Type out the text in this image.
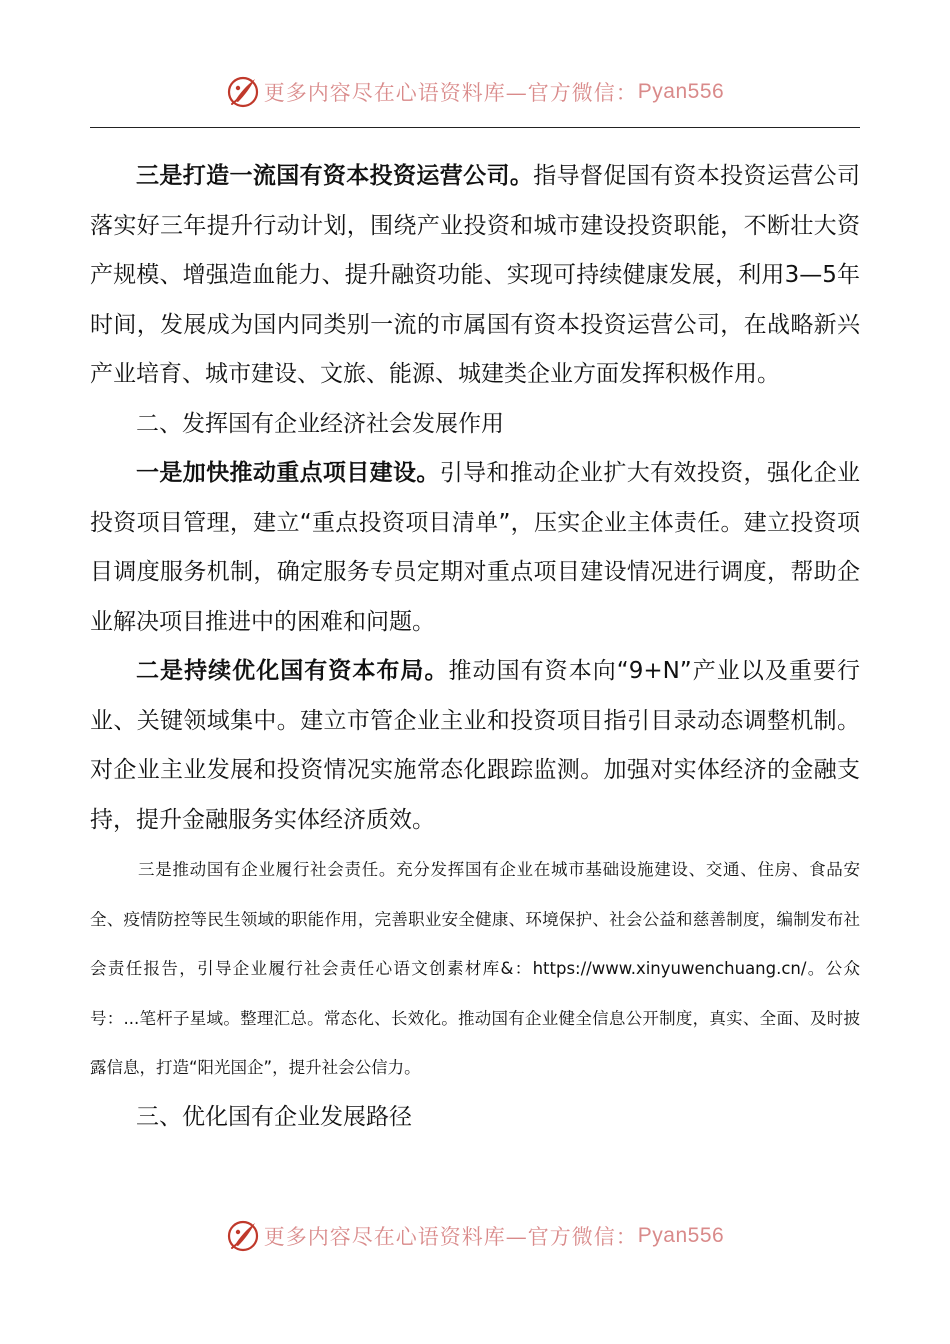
更多内容尽在心语资料库—官方微信： Pyan556

三是打造一流国有资本投资运营公司。指导督促国有资本投资运营公司落实好三年提升行动计划，围绕产业投资和城市建设投资职能，不断壮大资产规模、增强造血能力、提升融资功能、实现可持续健康发展，利用3—5年时间，发展成为国内同类别一流的市属国有资本投资运营公司，在战略新兴产业培育、城市建设、文旅、能源、城建类企业方面发挥积极作用。

二、发挥国有企业经济社会发展作用

一是加快推动重点项目建设。引导和推动企业扩大有效投资，强化企业投资项目管理，建立“重点投资项目清单”，压实企业主体责任。建立投资项目调度服务机制，确定服务专员定期对重点项目建设情况进行调度，帮助企业解决项目推进中的困难和问题。

二是持续优化国有资本布局。推动国有资本向“9+N”产业以及重要行业、关键领域集中。建立市管企业主业和投资项目指引目录动态调整机制。对企业主业发展和投资情况实施常态化跟踪监测。加强对实体经济的金融支持，提升金融服务实体经济质效。

三是推动国有企业履行社会责任。充分发挥国有企业在城市基础设施建设、交通、住房、食品安全、疫情防控等民生领域的职能作用，完善职业安全健康、环境保护、社会公益和慈善制度，编制发布社会责任报告，引导企业履行社会责任心语文创素材库&：https://www.xinyuwenchuang.cn/。公众号：...笔杆子星域。整理汇总。常态化、长效化。推动国有企业健全信息公开制度，真实、全面、及时披露信息，打造“阳光国企”，提升社会公信力。

三、优化国有企业发展路径

更多内容尽在心语资料库—官方微信： Pyan556
